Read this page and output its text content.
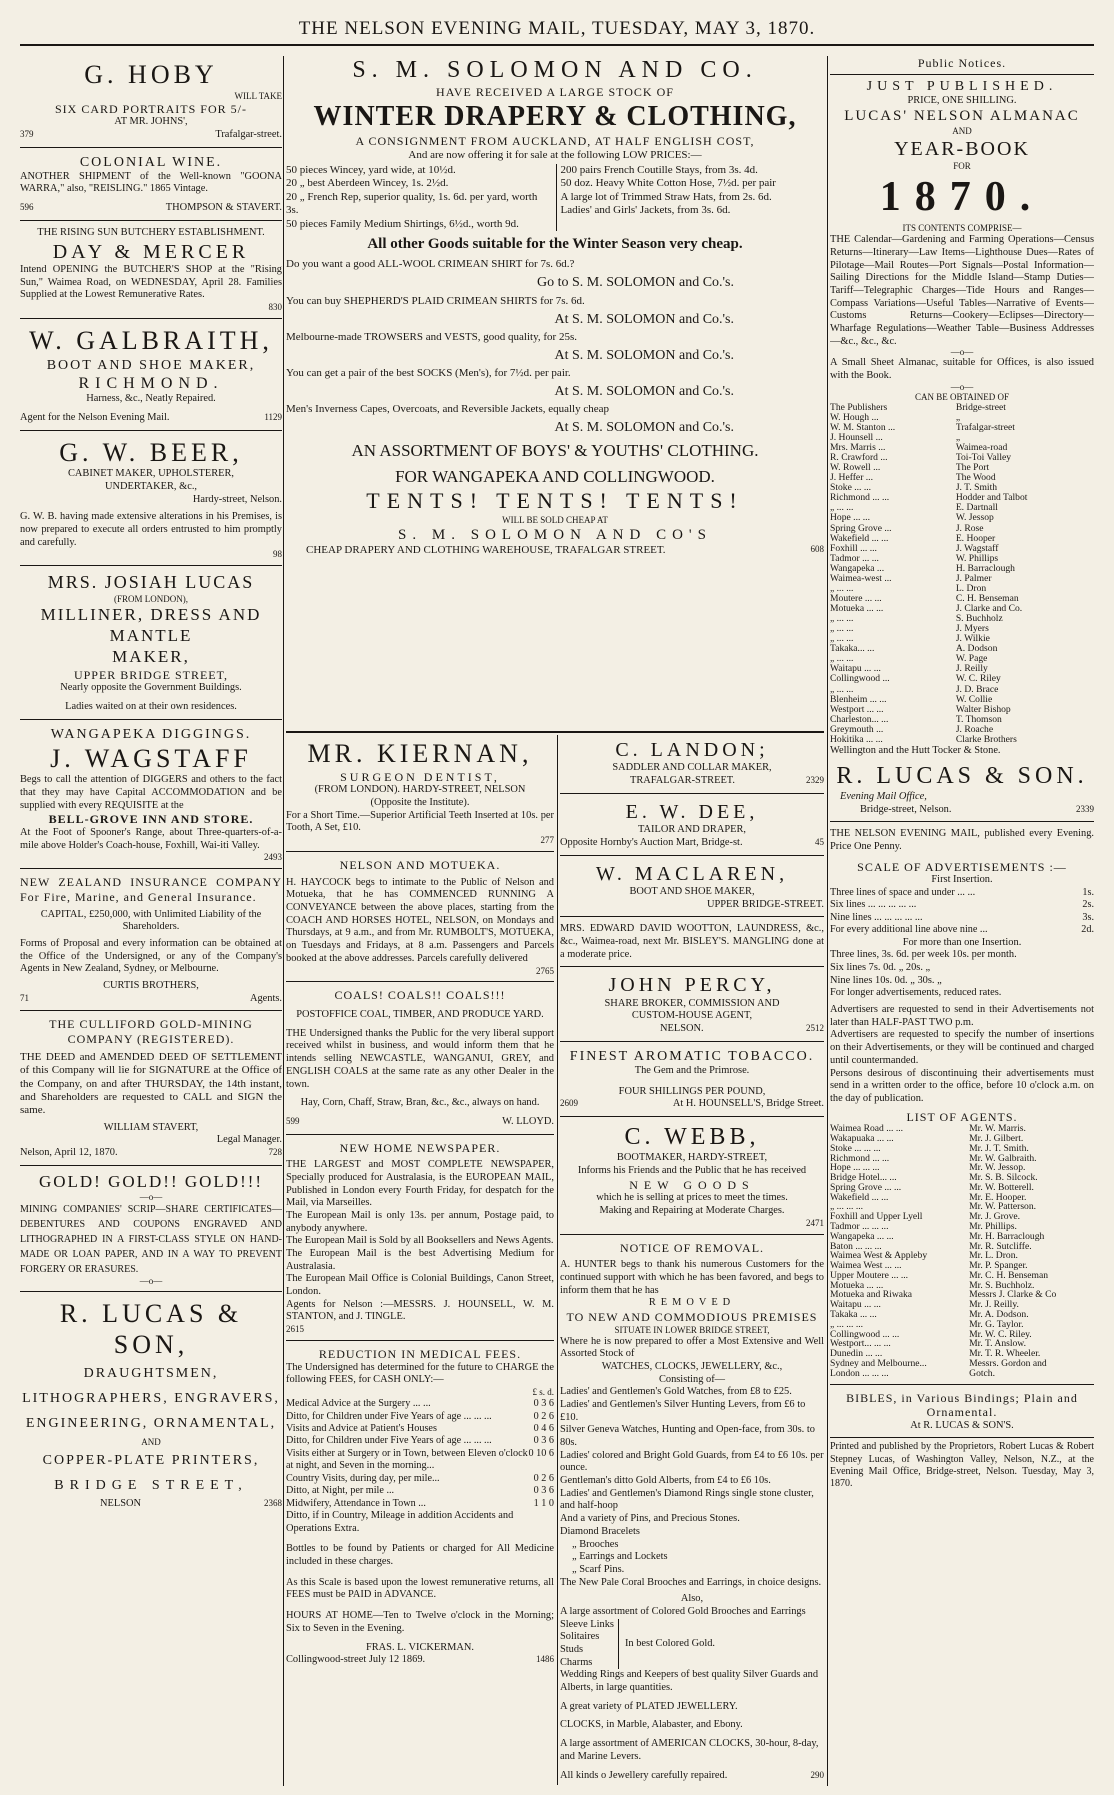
THE NELSON EVENING MAIL, TUESDAY, MAY 3, 1870.
G. HOBY
WILL TAKE
SIX CARD PORTRAITS FOR 5/-
AT MR. JOHNS',
379	Trafalgar-street.
COLONIAL WINE.
ANOTHER SHIPMENT of the Well-known "GOONA WARRA," also, "REISLING." 1865 Vintage.
596	THOMPSON & STAVERT.
THE RISING SUN BUTCHERY ESTABLISHMENT.
DAY & MERCER
Intend OPENING the BUTCHER'S SHOP at the "Rising Sun," Waimea Road, on WEDNESDAY, April 28. Families Supplied at the Lowest Remunerative Rates.
830
W. GALBRAITH,
BOOT AND SHOE MAKER,
RICHMOND.
Harness, &c., Neatly Repaired.
Agent for the Nelson Evening Mail.	1129
G. W. BEER,
CABINET MAKER, UPHOLSTERER,
UNDERTAKER, &c.,
Hardy-street, Nelson.
G. W. B. having made extensive alterations in his Premises, is now prepared to execute all orders entrusted to him promptly and carefully.
98
MRS. JOSIAH LUCAS
(FROM LONDON),
MILLINER, DRESS AND MANTLE
MAKER,
UPPER BRIDGE STREET,
Nearly opposite the Government Buildings.
Ladies waited on at their own residences.
WANGAPEKA DIGGINGS.
J. WAGSTAFF
Begs to call the attention of DIGGERS and others to the fact that they may have Capital ACCOMMODATION and be supplied with every REQUISITE at the
BELL-GROVE INN AND STORE.
At the Foot of Spooner's Range, about Three-quarters-of-a-mile above Holder's Coach-house, Foxhill, Wai-iti Valley.
2493
NEW ZEALAND INSURANCE COMPANY For Fire, Marine, and General Insurance.
CAPITAL, £250,000, with Unlimited Liability of the Shareholders.
Forms of Proposal and every information can be obtained at the Office of the Undersigned, or any of the Company's Agents in New Zealand, Sydney, or Melbourne.
CURTIS BROTHERS,
71	Agents.
THE CULLIFORD GOLD-MINING COMPANY (REGISTERED).
THE DEED and AMENDED DEED OF SETTLEMENT of this Company will lie for SIGNATURE at the Office of the Company, on and after THURSDAY, the 14th instant, and Shareholders are requested to CALL and SIGN the same.
WILLIAM STAVERT,
Legal Manager.
Nelson, April 12, 1870.	728
GOLD! GOLD!! GOLD!!!
—o—
MINING COMPANIES' SCRIP—SHARE CERTIFICATES—DEBENTURES AND COUPONS ENGRAVED AND LITHOGRAPHED IN A FIRST-CLASS STYLE ON HAND-MADE OR LOAN PAPER, AND IN A WAY TO PREVENT FORGERY OR ERASURES.
—o—
R. LUCAS & SON,
DRAUGHTSMEN,
LITHOGRAPHERS, ENGRAVERS,
ENGINEERING, ORNAMENTAL,
AND
COPPER-PLATE PRINTERS,
BRIDGE STREET,
NELSON	2368
S. M. SOLOMON AND CO.
HAVE RECEIVED A LARGE STOCK OF
WINTER DRAPERY & CLOTHING,
A CONSIGNMENT FROM AUCKLAND, AT HALF ENGLISH COST,
And are now offering it for sale at the following LOW PRICES:—
50 pieces Wincey, yard wide, at 10½d.
20 „ best Aberdeen Wincey, 1s. 2½d.
20 „ French Rep, superior quality, 1s. 6d. per yard, worth 3s.
50 pieces Family Medium Shirtings, 6½d., worth 9d.
200 pairs French Coutille Stays, from 3s. 4d.
50 doz. Heavy White Cotton Hose, 7½d. per pair
A large lot of Trimmed Straw Hats, from 2s. 6d.
Ladies' and Girls' Jackets, from 3s. 6d.
All other Goods suitable for the Winter Season very cheap.
Do you want a good ALL-WOOL CRIMEAN SHIRT for 7s. 6d.?
Go to S. M. SOLOMON and Co.'s.
You can buy SHEPHERD'S PLAID CRIMEAN SHIRTS for 7s. 6d.
At S. M. SOLOMON and Co.'s.
Melbourne-made TROWSERS and VESTS, good quality, for 25s.
At S. M. SOLOMON and Co.'s.
You can get a pair of the best SOCKS (Men's), for 7½d. per pair.
At S. M. SOLOMON and Co.'s.
Men's Inverness Capes, Overcoats, and Reversible Jackets, equally cheap
At S. M. SOLOMON and Co.'s.
AN ASSORTMENT OF BOYS' & YOUTHS' CLOTHING.
FOR WANGAPEKA AND COLLINGWOOD.
TENTS! TENTS! TENTS!
WILL BE SOLD CHEAP AT
S. M. SOLOMON AND CO'S
CHEAP DRAPERY AND CLOTHING WAREHOUSE, TRAFALGAR STREET.	608
MR. KIERNAN,
SURGEON DENTIST,
(FROM LONDON). HARDY-STREET, NELSON
(Opposite the Institute).
For a Short Time.—Superior Artificial Teeth Inserted at 10s. per Tooth, A Set, £10.
277
NELSON AND MOTUEKA.
H. HAYCOCK begs to intimate to the Public of Nelson and Motueka, that he has COMMENCED RUNNING A CONVEYANCE between the above places, starting from the COACH AND HORSES HOTEL, NELSON, on Mondays and Thursdays, at 9 a.m., and from Mr. RUMBOLT'S, MOTUEKA, on Tuesdays and Fridays, at 8 a.m. Passengers and Parcels booked at the above addresses. Parcels carefully delivered
2765
COALS! COALS!! COALS!!!
POSTOFFICE COAL, TIMBER, AND PRODUCE YARD.
THE Undersigned thanks the Public for the very liberal support received whilst in business, and would inform them that he intends selling NEWCASTLE, WANGANUI, GREY, and ENGLISH COALS at the same rate as any other Dealer in the town.
Hay, Corn, Chaff, Straw, Bran, &c., &c., always on hand.
599	W. LLOYD.
NEW HOME NEWSPAPER.
THE LARGEST and MOST COMPLETE NEWSPAPER, Specially produced for Australasia, is the EUROPEAN MAIL, Published in London every Fourth Friday, for despatch for the Mail, via Marseilles.
The European Mail is only 13s. per annum, Postage paid, to anybody anywhere.
The European Mail is Sold by all Booksellers and News Agents.
The European Mail is the best Advertising Medium for Australasia.
The European Mail Office is Colonial Buildings, Canon Street, London.
Agents for Nelson :—MESSRS. J. HOUNSELL, W. M. STANTON, and J. TINGLE.
2615
REDUCTION IN MEDICAL FEES.
The Undersigned has determined for the future to CHARGE the following FEES, for CASH ONLY:—
£ s. d.
Medical Advice at the Surgery ... ...	0 3 6
Ditto, for Children under Five Years of age ... ... ...	0 2 6
Visits and Advice at Patient's Houses	0 4 6
Ditto, for Children under Five Years of age ... ... ...	0 3 6
Visits either at Surgery or in Town, between Eleven o'clock at night, and Seven in the morning...	0 10 6
Country Visits, during day, per mile...	0 2 6
Ditto, at Night, per mile ...	0 3 6
Midwifery, Attendance in Town ...	1 1 0
Ditto, if in Country, Mileage in addition Accidents and Operations Extra.
Bottles to be found by Patients or charged for All Medicine included in these charges.
As this Scale is based upon the lowest remunerative returns, all FEES must be PAID in ADVANCE.
HOURS AT HOME—Ten to Twelve o'clock in the Morning; Six to Seven in the Evening.
FRAS. L. VICKERMAN.
Collingwood-street July 12 1869.	1486
C. LANDON;
SADDLER AND COLLAR MAKER,
TRAFALGAR-STREET.	2329
E. W. DEE,
TAILOR AND DRAPER,
Opposite Hornby's Auction Mart, Bridge-st.	45
W. MACLAREN,
BOOT AND SHOE MAKER,
UPPER BRIDGE-STREET.
MRS. EDWARD DAVID WOOTTON, LAUNDRESS, &c., &c., Waimea-road, next Mr. BISLEY'S. MANGLING done at a moderate price.
JOHN PERCY,
SHARE BROKER, COMMISSION AND
CUSTOM-HOUSE AGENT,
NELSON.	2512
FINEST AROMATIC TOBACCO.
The Gem and the Primrose.
FOUR SHILLINGS PER POUND,
2609	At H. HOUNSELL'S, Bridge Street.
C. WEBB,
BOOTMAKER, HARDY-STREET,
Informs his Friends and the Public that he has received
NEW GOODS
which he is selling at prices to meet the times.
Making and Repairing at Moderate Charges.
2471
NOTICE OF REMOVAL.
A. HUNTER begs to thank his numerous Customers for the continued support with which he has been favored, and begs to inform them that he has
REMOVED
TO NEW AND COMMODIOUS PREMISES
SITUATE IN LOWER BRIDGE STREET,
Where he is now prepared to offer a Most Extensive and Well Assorted Stock of
WATCHES, CLOCKS, JEWELLERY, &c.,
Consisting of—
Ladies' and Gentlemen's Gold Watches, from £8 to £25.
Ladies' and Gentlemen's Silver Hunting Levers, from £6 to £10.
Silver Geneva Watches, Hunting and Open-face, from 30s. to 80s.
Ladies' colored and Bright Gold Guards, from £4 to £6 10s. per ounce.
Gentleman's ditto Gold Alberts, from £4 to £6 10s.
Ladies' and Gentlemen's Diamond Rings single stone cluster, and half-hoop
And a variety of Pins, and Precious Stones.
Diamond Bracelets
„ Brooches
„ Earrings and Lockets
„ Scarf Pins.
The New Pale Coral Brooches and Earrings, in choice designs.
Also,
A large assortment of Colored Gold Brooches and Earrings
Sleeve Links
Solitaires
Studs
Charms
In best Colored Gold.
Wedding Rings and Keepers of best quality Silver Guards and Alberts, in large quantities.
A great variety of PLATED JEWELLERY.
CLOCKS, in Marble, Alabaster, and Ebony.
A large assortment of AMERICAN CLOCKS, 30-hour, 8-day, and Marine Levers.
All kinds o Jewellery carefully repaired.	290
Public Notices.
JUST PUBLISHED.
PRICE, ONE SHILLING.
LUCAS' NELSON ALMANAC
AND
YEAR-BOOK
FOR
1870.
ITS CONTENTS COMPRISE—
THE Calendar—Gardening and Farming Operations—Census Returns—Itinerary—Law Items—Lighthouse Dues—Rates of Pilotage—Mail Routes—Port Signals—Postal Information—Sailing Directions for the Middle Island—Stamp Duties—Tariff—Telegraphic Charges—Tide Hours and Ranges—Compass Variations—Useful Tables—Narrative of Events—Customs Returns—Cookery—Eclipses—Directory—Wharfage Regulations—Weather Table—Business Addresses—&c., &c., &c.
—o—
A Small Sheet Almanac, suitable for Offices, is also issued with the Book.
—o—
CAN BE OBTAINED OF
The Publishers	Bridge-street
W. Hough ...	„
W. M. Stanton ...	Trafalgar-street
J. Hounsell ...	„
Mrs. Marris ...	Waimea-road
R. Crawford ...	Toi-Toi Valley
W. Rowell ...	The Port
J. Heffer ...	The Wood
Stoke ... ...	J. T. Smith
Richmond ... ...	Hodder and Talbot
„ ... ...	E. Dartnall
Hope ... ...	W. Jessop
Spring Grove ...	J. Rose
Wakefield ... ...	E. Hooper
Foxhill ... ...	J. Wagstaff
Tadmor ... ...	W. Phillips
Wangapeka ...	H. Barraclough
Waimea-west ...	J. Palmer
„ ... ...	L. Dron
Moutere ... ...	C. H. Benseman
Motueka ... ...	J. Clarke and Co.
„ ... ...	S. Buchholz
„ ... ...	J. Myers
„ ... ...	J. Wilkie
Takaka... ...	A. Dodson
„ ... ...	W. Page
Waitapu ... ...	J. Reilly
Collingwood ...	W. C. Riley
„ ... ...	J. D. Brace
Blenheim ... ...	W. Collie
Westport ... ...	Walter Bishop
Charleston... ...	T. Thomson
Greymouth ...	J. Roache
Hokitika ... ...	Clarke Brothers
Wellington and the Hutt Tocker & Stone.
R. LUCAS & SON.
Evening Mail Office,
Bridge-street, Nelson.	2339
THE NELSON EVENING MAIL, published every Evening. Price One Penny.
SCALE OF ADVERTISEMENTS :—
First Insertion.
Three lines of space and under ... ...	1s.
Six lines ... ... ... ... ...	2s.
Nine lines ... ... ... ... ...	3s.
For every additional line above nine ...	2d.
For more than one Insertion.
Three lines, 3s. 6d. per week 10s. per month.
Six lines 7s. 0d. „ 20s. „
Nine lines 10s. 0d. „ 30s. „
For longer advertisements, reduced rates.
Advertisers are requested to send in their Advertisements not later than HALF-PAST TWO p.m.
Advertisers are requested to specify the number of insertions on their Advertisements, or they will be continued and charged until countermanded.
Persons desirous of discontinuing their advertisements must send in a written order to the office, before 10 o'clock a.m. on the day of publication.
LIST OF AGENTS.
Waimea Road ... ...	Mr. W. Marris.
Wakapuaka ... ...	Mr. J. Gilbert.
Stoke ... ... ...	Mr. J. T. Smith.
Richmond ... ...	Mr. W. Galbraith.
Hope ... ... ...	Mr. W. Jessop.
Bridge Hotel... ...	Mr. S. B. Silcock.
Spring Grove ... ...	Mr. W. Botterell.
Wakefield ... ...	Mr. E. Hooper.
„ ... ... ...	Mr. W. Patterson.
Foxhill and Upper Lyell	Mr. J. Grove.
Tadmor ... ... ...	Mr. Phillips.
Wangapeka ... ...	Mr. H. Barraclough
Baton ... ... ...	Mr. R. Sutcliffe.
Waimea West & Appleby	Mr. L. Dron.
Waimea West ... ...	Mr. P. Spanger.
Upper Moutere ... ...	Mr. C. H. Benseman
Motueka ... ...	Mr. S. Buchholz.
Motueka and Riwaka	Messrs J. Clarke & Co
Waitapu ... ...	Mr. J. Reilly.
Takaka ... ...	Mr. A. Dodson.
„ ... ... ...	Mr. G. Taylor.
Collingwood ... ...	Mr. W. C. Riley.
Westport... ... ...	Mr. T. Anslow.
Dunedin ... ...	Mr. T. R. Wheeler.
Sydney and Melbourne...	Messrs. Gordon and
London ... ... ...	Gotch.
BIBLES, in Various Bindings; Plain and Ornamental.
At R. LUCAS & SON'S.
Printed and published by the Proprietors, Robert Lucas & Robert Stepney Lucas, of Washington Valley, Nelson, N.Z., at the Evening Mail Office, Bridge-street, Nelson. Tuesday, May 3, 1870.
